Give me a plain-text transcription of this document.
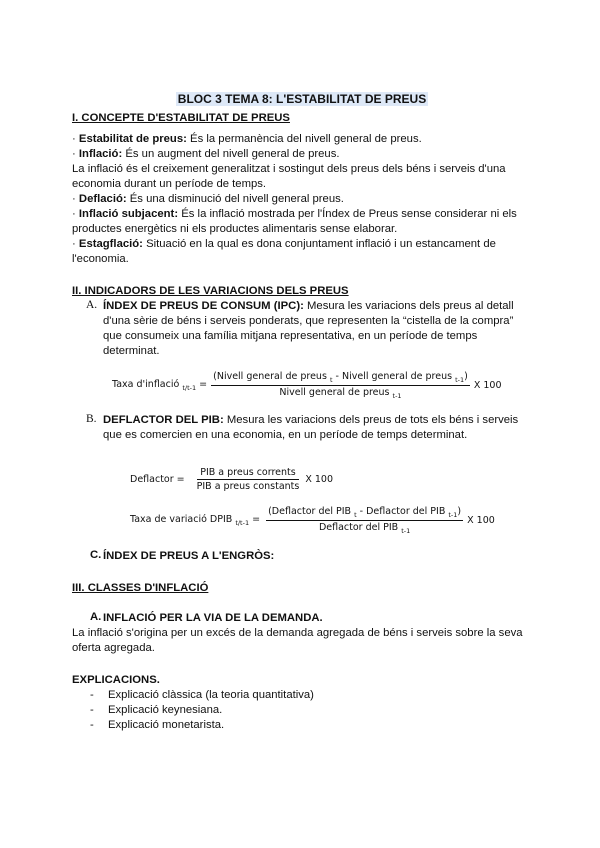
BLOC 3 TEMA 8: L'ESTABILITAT DE PREUS

I. CONCEPTE D'ESTABILITAT DE PREUS

· Estabilitat de preus: És la permanència del nivell general de preus.

· Inflació: És un augment del nivell general de preus.

La inflació és el creixement generalitzat i sostingut dels preus dels béns i serveis d'una economia durant un període de temps.

· Deflació: És una disminució del nivell general preus.

· Inflació subjacent: És la inflació mostrada per l'Índex de Preus sense considerar ni els productes energètics ni els productes alimentaris sense elaborar.

· Estagflació: Situació en la qual es dona conjuntament inflació i un estancament de l'economia.

II. INDICADORS DE LES VARIACIONS DELS PREUS

A. ÍNDEX DE PREUS DE CONSUM (IPC): Mesura les variacions dels preus al detall d'una sèrie de béns i serveis ponderats, que representen la “cistella de la compra” que consumeix una família mitjana representativa, en un període de temps determinat.

Taxa d'inflació $_{t/t-1} = \frac{(Nivell general de preus _t - Nivell general de preus _{t-1})}{Nivell general de preus _{t-1}}$ X 100
B. DEFLACTOR DEL PIB: Mesura les variacions dels preus de tots els béns i serveis que es comercien en una economia, en un període de temps determinat.

Deflactor = $\frac{\text{PIB a preus corrents}}{\text{PIB a preus constants}}$ X 100
Taxa de variació DPIB $_{t/t-1} = \frac{(Deflactor del PIB _t - Deflactor del PIB _{t-1})}{Deflactor del PIB _{t-1}}$ X 100
C. ÍNDEX DE PREUS A L'ENGRÒS:

III. CLASSES D'INFLACIÓ

A. INFLACIÓ PER LA VIA DE LA DEMANDA.

La inflació s'origina per un excés de la demanda agregada de béns i serveis sobre la seva oferta agregada.

EXPLICACIONS.

- Explicació clàssica (la teoria quantitativa)
- Explicació keynesiana.
- Explicació monetarista.
